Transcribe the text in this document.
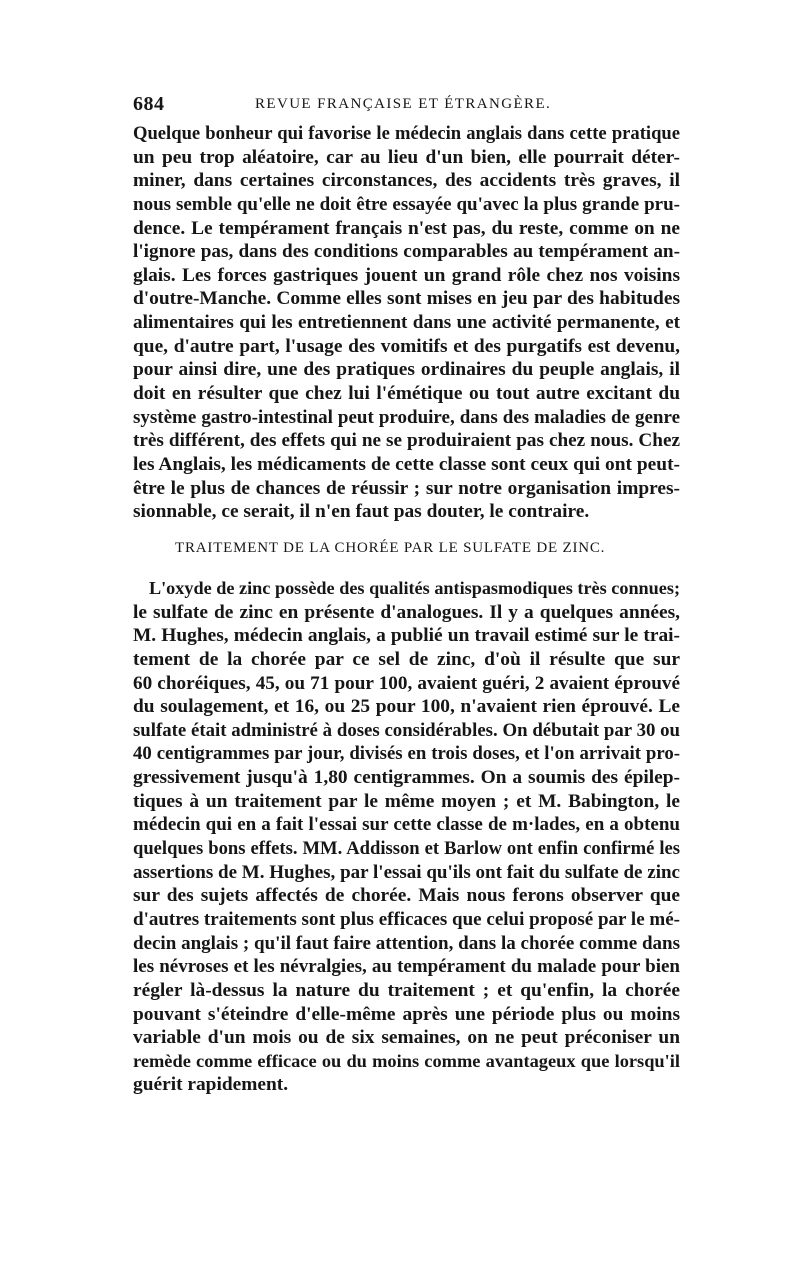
684	REVUE FRANÇAISE ET ÉTRANGÈRE.
Quelque bonheur qui favorise le médecin anglais dans cette pratique
un peu trop aléatoire, car au lieu d'un bien, elle pourrait déter-
miner, dans certaines circonstances, des accidents très graves, il
nous semble qu'elle ne doit être essayée qu'avec la plus grande pru-
dence. Le tempérament français n'est pas, du reste, comme on ne
l'ignore pas, dans des conditions comparables au tempérament an-
glais. Les forces gastriques jouent un grand rôle chez nos voisins
d'outre-Manche. Comme elles sont mises en jeu par des habitudes
alimentaires qui les entretiennent dans une activité permanente, et
que, d'autre part, l'usage des vomitifs et des purgatifs est devenu,
pour ainsi dire, une des pratiques ordinaires du peuple anglais, il
doit en résulter que chez lui l'émétique ou tout autre excitant du
système gastro-intestinal peut produire, dans des maladies de genre
très différent, des effets qui ne se produiraient pas chez nous. Chez
les Anglais, les médicaments de cette classe sont ceux qui ont peut-
être le plus de chances de réussir ; sur notre organisation impres-
sionnable, ce serait, il n'en faut pas douter, le contraire.
TRAITEMENT DE LA CHORÉE PAR LE SULFATE DE ZINC.
L'oxyde de zinc possède des qualités antispasmodiques très connues;
le sulfate de zinc en présente d'analogues. Il y a quelques années,
M. Hughes, médecin anglais, a publié un travail estimé sur le trai-
tement de la chorée par ce sel de zinc, d'où il résulte que sur
60 choréiques, 45, ou 71 pour 100, avaient guéri, 2 avaient éprouvé
du soulagement, et 16, ou 25 pour 100, n'avaient rien éprouvé. Le
sulfate était administré à doses considérables. On débutait par 30 ou
40 centigrammes par jour, divisés en trois doses, et l'on arrivait pro-
gressivement jusqu'à 1,80 centigrammes. On a soumis des épilep-
tiques à un traitement par le même moyen ; et M. Babington, le
médecin qui en a fait l'essai sur cette classe de m·lades, en a obtenu
quelques bons effets. MM. Addisson et Barlow ont enfin confirmé les
assertions de M. Hughes, par l'essai qu'ils ont fait du sulfate de zinc
sur des sujets affectés de chorée. Mais nous ferons observer que
d'autres traitements sont plus efficaces que celui proposé par le mé-
decin anglais ; qu'il faut faire attention, dans la chorée comme dans
les névroses et les névralgies, au tempérament du malade pour bien
régler là-dessus la nature du traitement ; et qu'enfin, la chorée
pouvant s'éteindre d'elle-même après une période plus ou moins
variable d'un mois ou de six semaines, on ne peut préconiser un
remède comme efficace ou du moins comme avantageux que lorsqu'il
guérit rapidement.
